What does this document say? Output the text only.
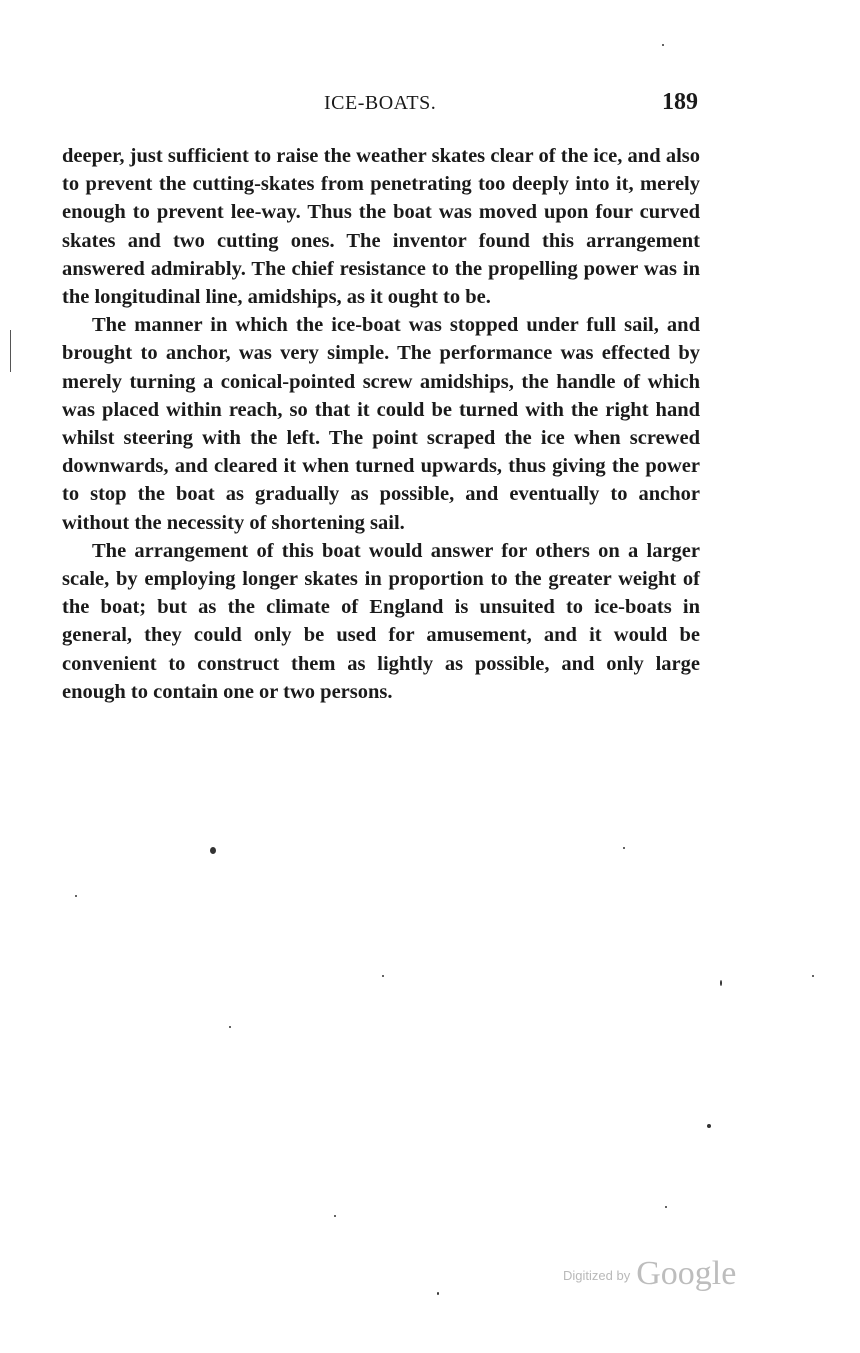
ICE-BOATS.	189

deeper, just sufficient to raise the weather skates clear of the ice, and also to prevent the cutting-skates from penetrating too deeply into it, merely enough to prevent lee-way. Thus the boat was moved upon four curved skates and two cutting ones. The inventor found this arrangement answered admirably. The chief resistance to the propelling power was in the longitudinal line, amidships, as it ought to be.

The manner in which the ice-boat was stopped under full sail, and brought to anchor, was very simple. The performance was effected by merely turning a conical-pointed screw amidships, the handle of which was placed within reach, so that it could be turned with the right hand whilst steering with the left. The point scraped the ice when screwed downwards, and cleared it when turned upwards, thus giving the power to stop the boat as gradually as possible, and eventually to anchor without the necessity of shortening sail.

The arrangement of this boat would answer for others on a larger scale, by employing longer skates in proportion to the greater weight of the boat; but as the climate of England is unsuited to ice-boats in general, they could only be used for amusement, and it would be convenient to construct them as lightly as possible, and only large enough to contain one or two persons.

$^{Digitized by}$ Google
